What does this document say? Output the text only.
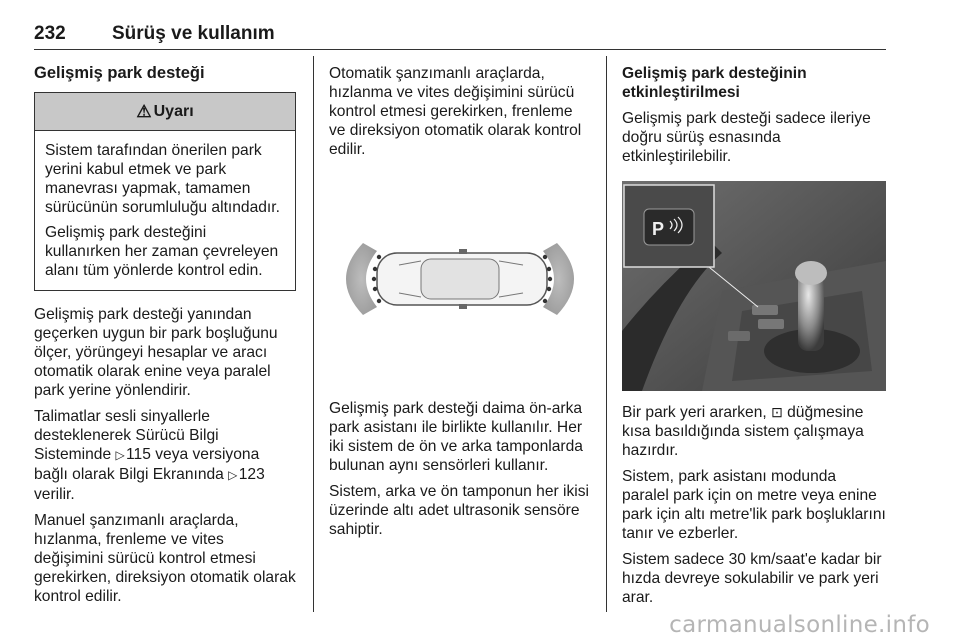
232 Sürüş ve kullanım
Gelişmiş park desteği
⚠ Uyarı

Sistem tarafından önerilen park yerini kabul etmek ve park manevrası yapmak, tamamen sürücünün sorumluluğu altındadır.

Gelişmiş park desteğini kullanırken her zaman çevreleyen alanı tüm yönlerde kontrol edin.

Gelişmiş park desteği yanından geçerken uygun bir park boşluğunu ölçer, yörüngeyi hesaplar ve aracı otomatik olarak enine veya paralel park yerine yönlendirir.

Talimatlar sesli sinyallerle desteklenerek Sürücü Bilgi Sisteminde ▷ 115 veya versiyona bağlı olarak Bilgi Ekranında ▷ 123 verilir.

Manuel şanzımanlı araçlarda, hızlanma, frenleme ve vites değişimini sürücü kontrol etmesi gerekirken, direksiyon otomatik olarak kontrol edilir.

Otomatik şanzımanlı araçlarda, hızlanma ve vites değişimini sürücü kontrol etmesi gerekirken, frenleme ve direksiyon otomatik olarak kontrol edilir.

Gelişmiş park desteği daima ön-arka park asistanı ile birlikte kullanılır. Her iki sistem de ön ve arka tamponlarda bulunan aynı sensörleri kullanır.

Sistem, arka ve ön tamponun her ikisi üzerinde altı adet ultrasonik sensöre sahiptir.

Gelişmiş park desteğinin etkinleştirilmesi

Gelişmiş park desteği sadece ileriye doğru sürüş esnasında etkinleştirilebilir.

P

Bir park yeri ararken, ⊡ düğmesine kısa basıldığında sistem çalışmaya hazırdır.

Sistem, park asistanı modunda paralel park için on metre veya enine park için altı metre'lik park boşluklarını tanır ve ezberler.

Sistem sadece 30 km/saat'e kadar bir hızda devreye sokulabilir ve park yeri arar.

carmanualsonline.info
